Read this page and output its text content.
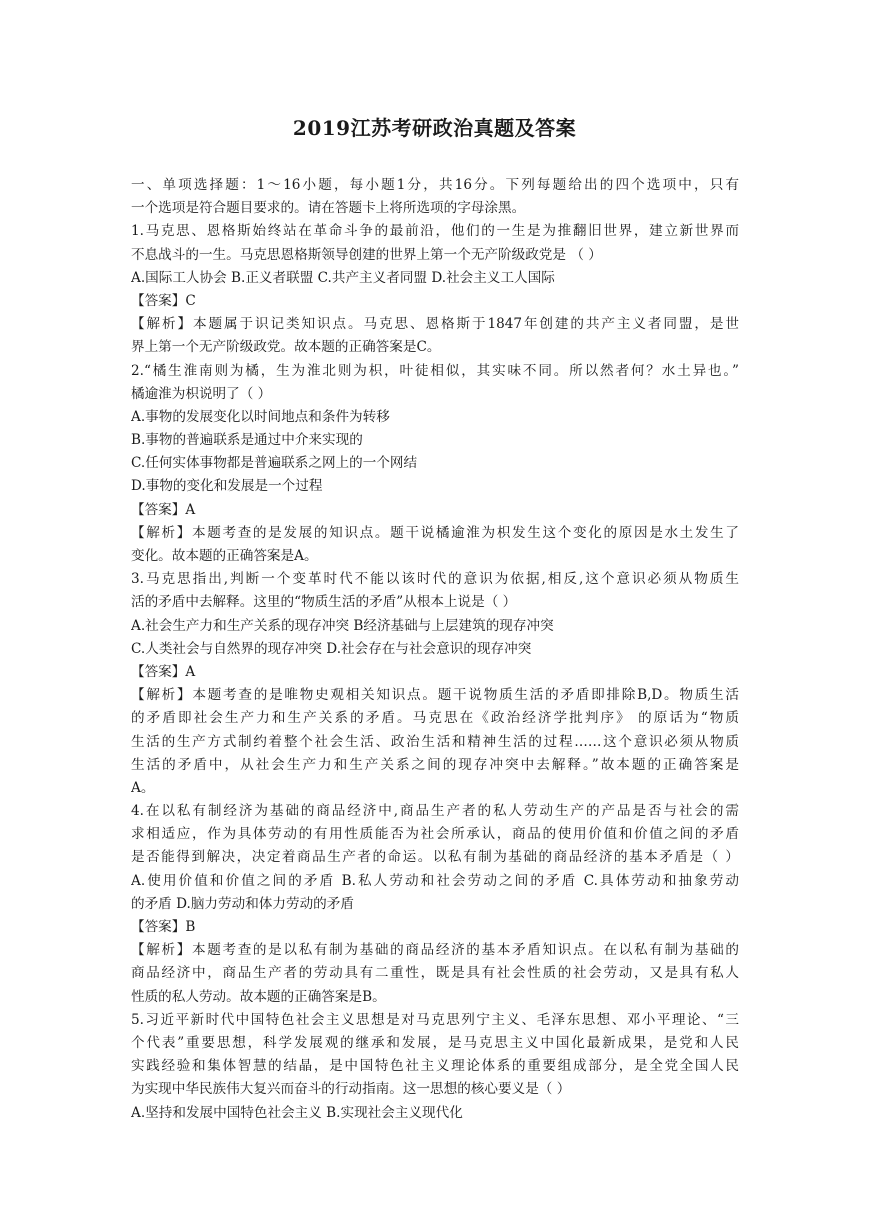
2019江苏考研政治真题及答案
一、单项选择题：1～16小题，每小题1分，共16分。下列每题给出的四个选项中，只有
一个选项是符合题目要求的。请在答题卡上将所选项的字母涂黑。
1.马克思、恩格斯始终站在革命斗争的最前沿，他们的一生是为推翻旧世界，建立新世界而
不息战斗的一生。马克思恩格斯领导创建的世界上第一个无产阶级政党是 （ ）
A.国际工人协会 B.正义者联盟 C.共产主义者同盟 D.社会主义工人国际
【答案】C
【解析】本题属于识记类知识点。马克思、恩格斯于1847年创建的共产主义者同盟，是世
界上第一个无产阶级政党。故本题的正确答案是C。
2.“橘生淮南则为橘，生为淮北则为枳，叶徒相似，其实味不同。所以然者何？水土异也。”
橘逾淮为枳说明了（ ）
A.事物的发展变化以时间地点和条件为转移
B.事物的普遍联系是通过中介来实现的
C.任何实体事物都是普遍联系之网上的一个网结
D.事物的变化和发展是一个过程
【答案】A
【解析】本题考查的是发展的知识点。题干说橘逾淮为枳发生这个变化的原因是水土发生了
变化。故本题的正确答案是A。
3.马克思指出,判断一个变革时代不能以该时代的意识为依据,相反,这个意识必须从物质生
活的矛盾中去解释。这里的“物质生活的矛盾”从根本上说是（ ）
A.社会生产力和生产关系的现存冲突 B经济基础与上层建筑的现存冲突
C.人类社会与自然界的现存冲突 D.社会存在与社会意识的现存冲突
【答案】A
【解析】本题考查的是唯物史观相关知识点。题干说物质生活的矛盾即排除B,D。物质生活
的矛盾即社会生产力和生产关系的矛盾。马克思在《政治经济学批判序》 的原话为“物质
生活的生产方式制约着整个社会生活、政治生活和精神生活的过程……这个意识必须从物质
生活的矛盾中，从社会生产力和生产关系之间的现存冲突中去解释。”故本题的正确答案是
A。
4.在以私有制经济为基础的商品经济中,商品生产者的私人劳动生产的产品是否与社会的需
求相适应，作为具体劳动的有用性质能否为社会所承认，商品的使用价值和价值之间的矛盾
是否能得到解决，决定着商品生产者的命运。以私有制为基础的商品经济的基本矛盾是（ ）
A.使用价值和价值之间的矛盾 B.私人劳动和社会劳动之间的矛盾 C.具体劳动和抽象劳动
的矛盾 D.脑力劳动和体力劳动的矛盾
【答案】B
【解析】本题考查的是以私有制为基础的商品经济的基本矛盾知识点。在以私有制为基础的
商品经济中，商品生产者的劳动具有二重性，既是具有社会性质的社会劳动，又是具有私人
性质的私人劳动。故本题的正确答案是B。
5.习近平新时代中国特色社会主义思想是对马克思列宁主义、毛泽东思想、邓小平理论、“三
个代表”重要思想，科学发展观的继承和发展，是马克思主义中国化最新成果，是党和人民
实践经验和集体智慧的结晶，是中国特色社主义理论体系的重要组成部分，是全党全国人民
为实现中华民族伟大复兴而奋斗的行动指南。这一思想的核心要义是（ ）
A.坚持和发展中国特色社会主义 B.实现社会主义现代化
